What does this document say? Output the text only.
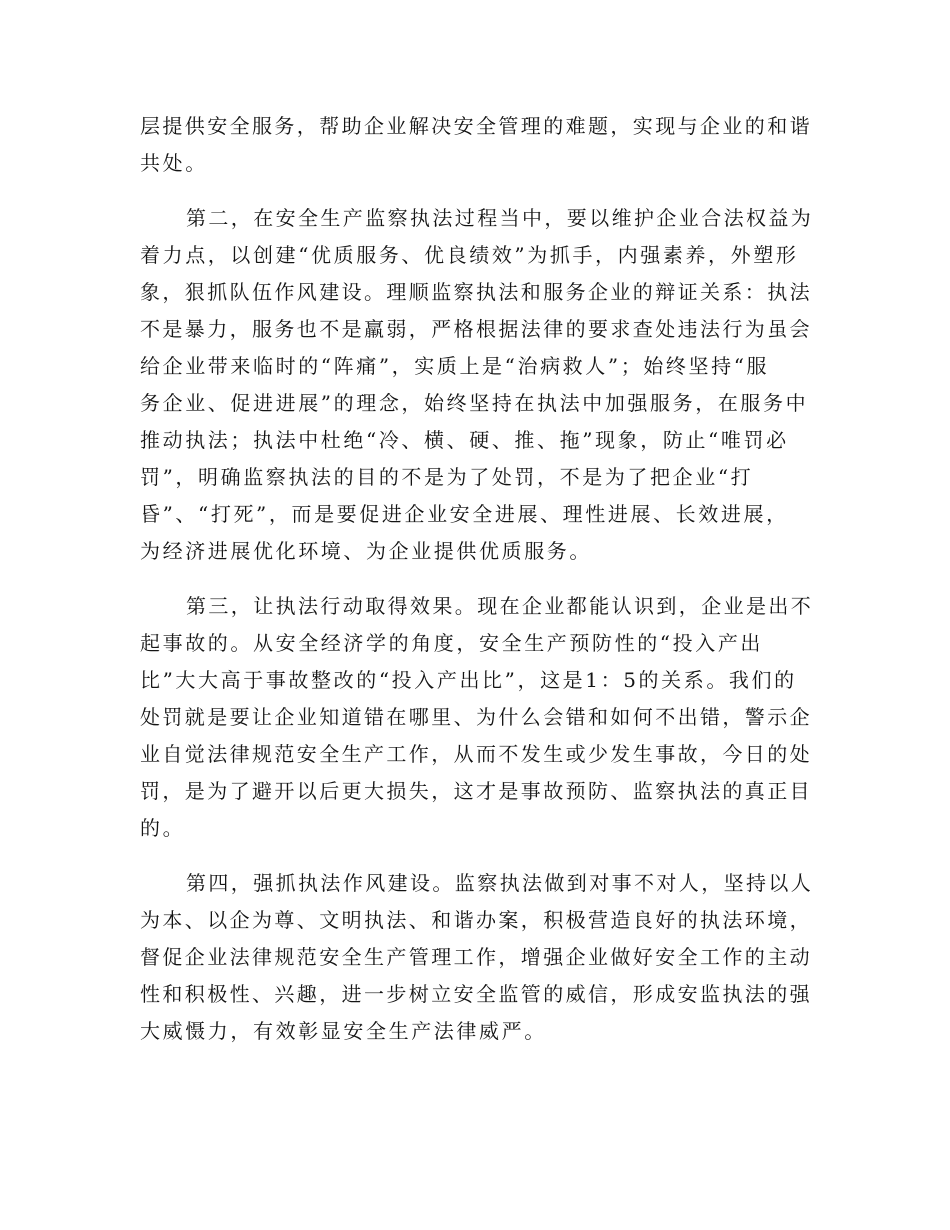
层提供安全服务，帮助企业解决安全管理的难题，实现与企业的和谐

共处。

第二，在安全生产监察执法过程当中，要以维护企业合法权益为

着力点，以创建“优质服务、优良绩效”为抓手，内强素养，外塑形

象，狠抓队伍作风建设。理顺监察执法和服务企业的辩证关系：执法

不是暴力，服务也不是羸弱，严格根据法律的要求查处违法行为虽会

给企业带来临时的“阵痛”，实质上是“治病救人”；始终坚持“服

务企业、促进进展”的理念，始终坚持在执法中加强服务，在服务中

推动执法；执法中杜绝“冷、横、硬、推、拖”现象，防止“唯罚必

罚”，明确监察执法的目的不是为了处罚，不是为了把企业“打

昏”、“打死”，而是要促进企业安全进展、理性进展、长效进展，

为经济进展优化环境、为企业提供优质服务。

第三，让执法行动取得效果。现在企业都能认识到，企业是出不

起事故的。从安全经济学的角度，安全生产预防性的“投入产出

比”大大高于事故整改的“投入产出比”，这是1：5的关系。我们的

处罚就是要让企业知道错在哪里、为什么会错和如何不出错，警示企

业自觉法律规范安全生产工作，从而不发生或少发生事故，今日的处

罚，是为了避开以后更大损失，这才是事故预防、监察执法的真正目

的。

第四，强抓执法作风建设。监察执法做到对事不对人，坚持以人

为本、以企为尊、文明执法、和谐办案，积极营造良好的执法环境，

督促企业法律规范安全生产管理工作，增强企业做好安全工作的主动

性和积极性、兴趣，进一步树立安全监管的威信，形成安监执法的强

大威慑力，有效彰显安全生产法律威严。
